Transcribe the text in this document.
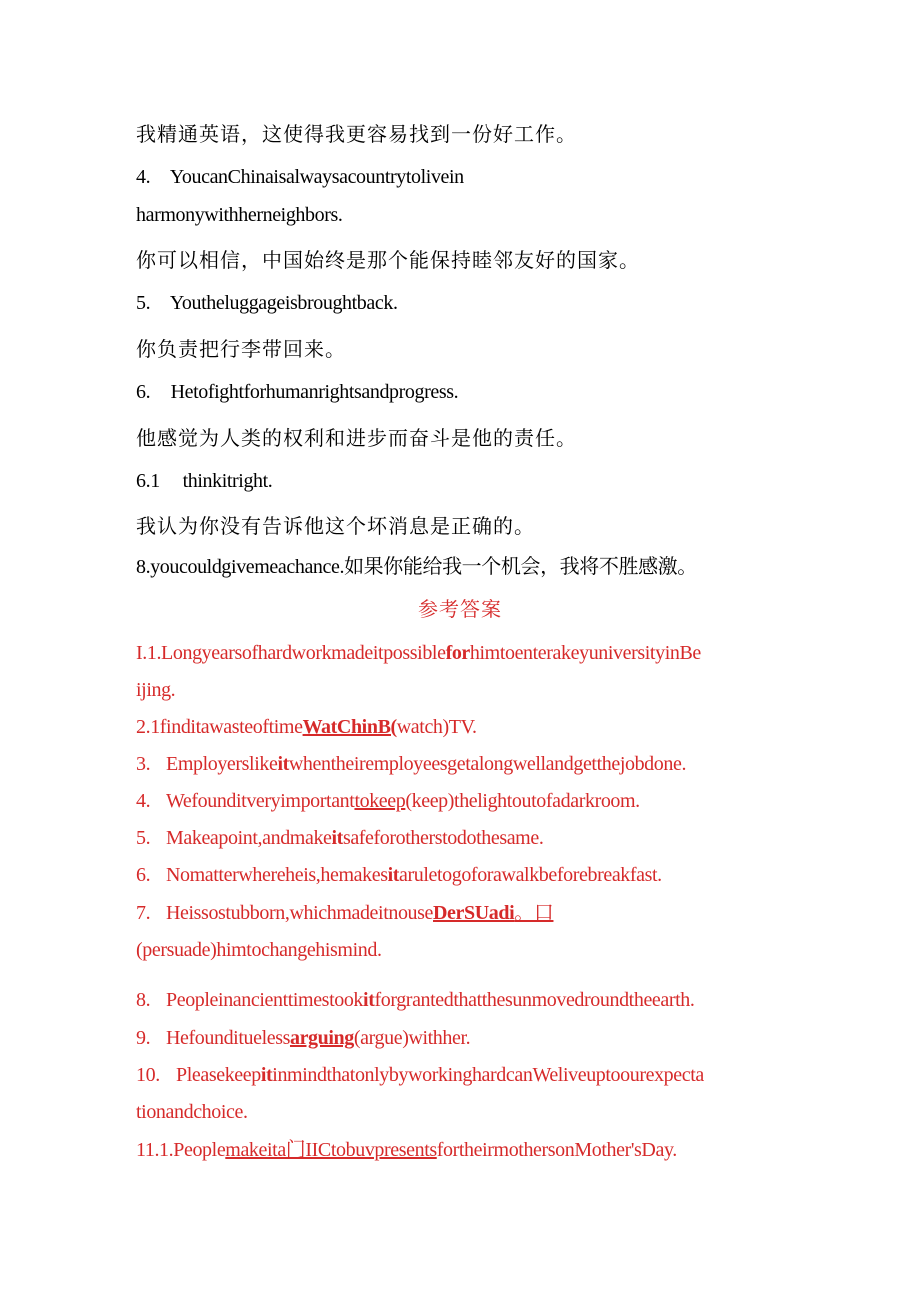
我精通英语，这使得我更容易找到一份好工作。
4. YoucanChinaisalwaysacountrytolivein
harmonywithherneighbors.
你可以相信，中国始终是那个能保持睦邻友好的国家。
5. Youtheluggageisbroughtback.
你负责把行李带回来。
6. Hetofightforhumanrightsandprogress.
他感觉为人类的权利和进步而奋斗是他的责任。
6.1 thinkitright.
我认为你没有告诉他这个坏消息是正确的。
8.youcouldgivemeachance.如果你能给我一个机会，我将不胜感激。
参考答案
I.1.LongyearsofhardworkmadeitpossibleforhimtoenterakeyuniversityinBe
ijing.
2.1finditawasteoftimeWatChinB(watch)TV.
3. Employerslikeitwhentheiremployeesgetalongwellandgetthejobdone.
4. Wefounditveryimportanttokeep(keep)thelightoutofadarkroom.
5. Makeapoint,andmakeitsafeforotherstodothesame.
6. Nomatterwhereheis,hemakesitaruletogoforawalkbeforebreakfast.
7. Heissostubborn,whichmadeitnouseDerSUadi。口
(persuade)himtochangehismind.
8. Peopleinancienttimestookitforgrantedthatthesunmovedroundtheearth.
9. Hefoundituelessarguing(argue)withher.
10. PleasekeepitinmindthatonlybyworkinghardcanWeliveuptoourexpecta
tionandchoice.
11.1.Peoplemakeita门IICtobuvpresentsfortheirmothersonMother'sDay.
